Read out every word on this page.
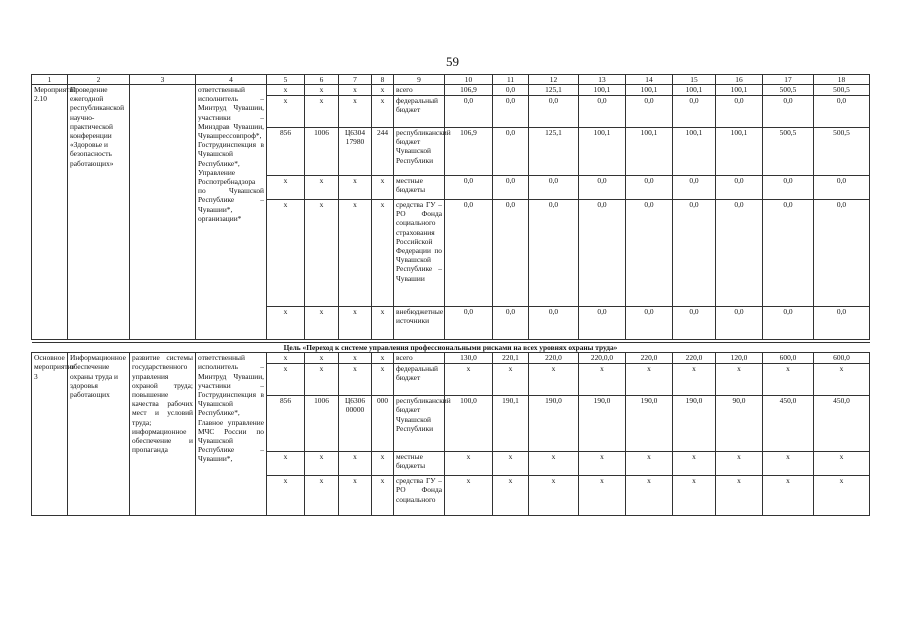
59
1	2	3	4	5	6	7	8	9	10	11	12	13	14	15	16	17	18
Мероприятие 2.10	Проведение ежегодной республиканской научно-практической конференции «Здоровье и безопасность работающих»		ответственный исполнитель – Минтруд Чувашии, участники – Минздрав Чувашии, Чувашрессовпроф*, Гострудинспекция в Чувашской Республике*, Управление Роспотребнадзора по Чувашской Республике – Чувашии*, организации*	x	x	x	x	всего	106,9	0,0	125,1	100,1	100,1	100,1	100,1	500,5	500,5
				x	x	x	x	федеральный бюджет	0,0	0,0	0,0	0,0	0,0	0,0	0,0	0,0	0,0
				856	1006	Ц6304 17980	244	республиканский бюджет Чувашской Республики	106,9	0,0	125,1	100,1	100,1	100,1	100,1	500,5	500,5
				x	x	x	x	местные бюджеты	0,0	0,0	0,0	0,0	0,0	0,0	0,0	0,0	0,0
				x	x	x	x	средства ГУ – РО Фонда социального страхования Российской Федерации по Чувашской Республике – Чувашии	0,0	0,0	0,0	0,0	0,0	0,0	0,0	0,0	0,0
				x	x	x	x	внебюджетные источники	0,0	0,0	0,0	0,0	0,0	0,0	0,0	0,0	0,0

Цель «Переход к системе управления профессиональными рисками на всех уровнях охраны труда»																	
Основное мероприятие 3	Информационное обеспечение охраны труда и здоровья работающих	развитие системы государственного управления охраной труда; повышение качества рабочих мест и условий труда; информационное обеспечение и пропаганда	ответственный исполнитель – Минтруд Чувашии, участники – Гострудинспекция в Чувашской Республике*, Главное управление МЧС России по Чувашской Республике – Чувашии*,	x	x	x	x	всего	130,0	220,1	220,0	220,0,0	220,0	220,0	120,0	600,0	600,0
				x	x	x	x	федеральный бюджет	x	x	x	x	x	x	x	x	x
				856	1006	Ц6306 00000	000	республиканский бюджет Чувашской Республики	100,0	190,1	190,0	190,0	190,0	190,0	90,0	450,0	450,0
				x	x	x	x	местные бюджеты	x	x	x	x	x	x	x	x	x
				x	x	x	x	средства ГУ – РО Фонда социального	x	x	x	x	x	x	x	x	x
